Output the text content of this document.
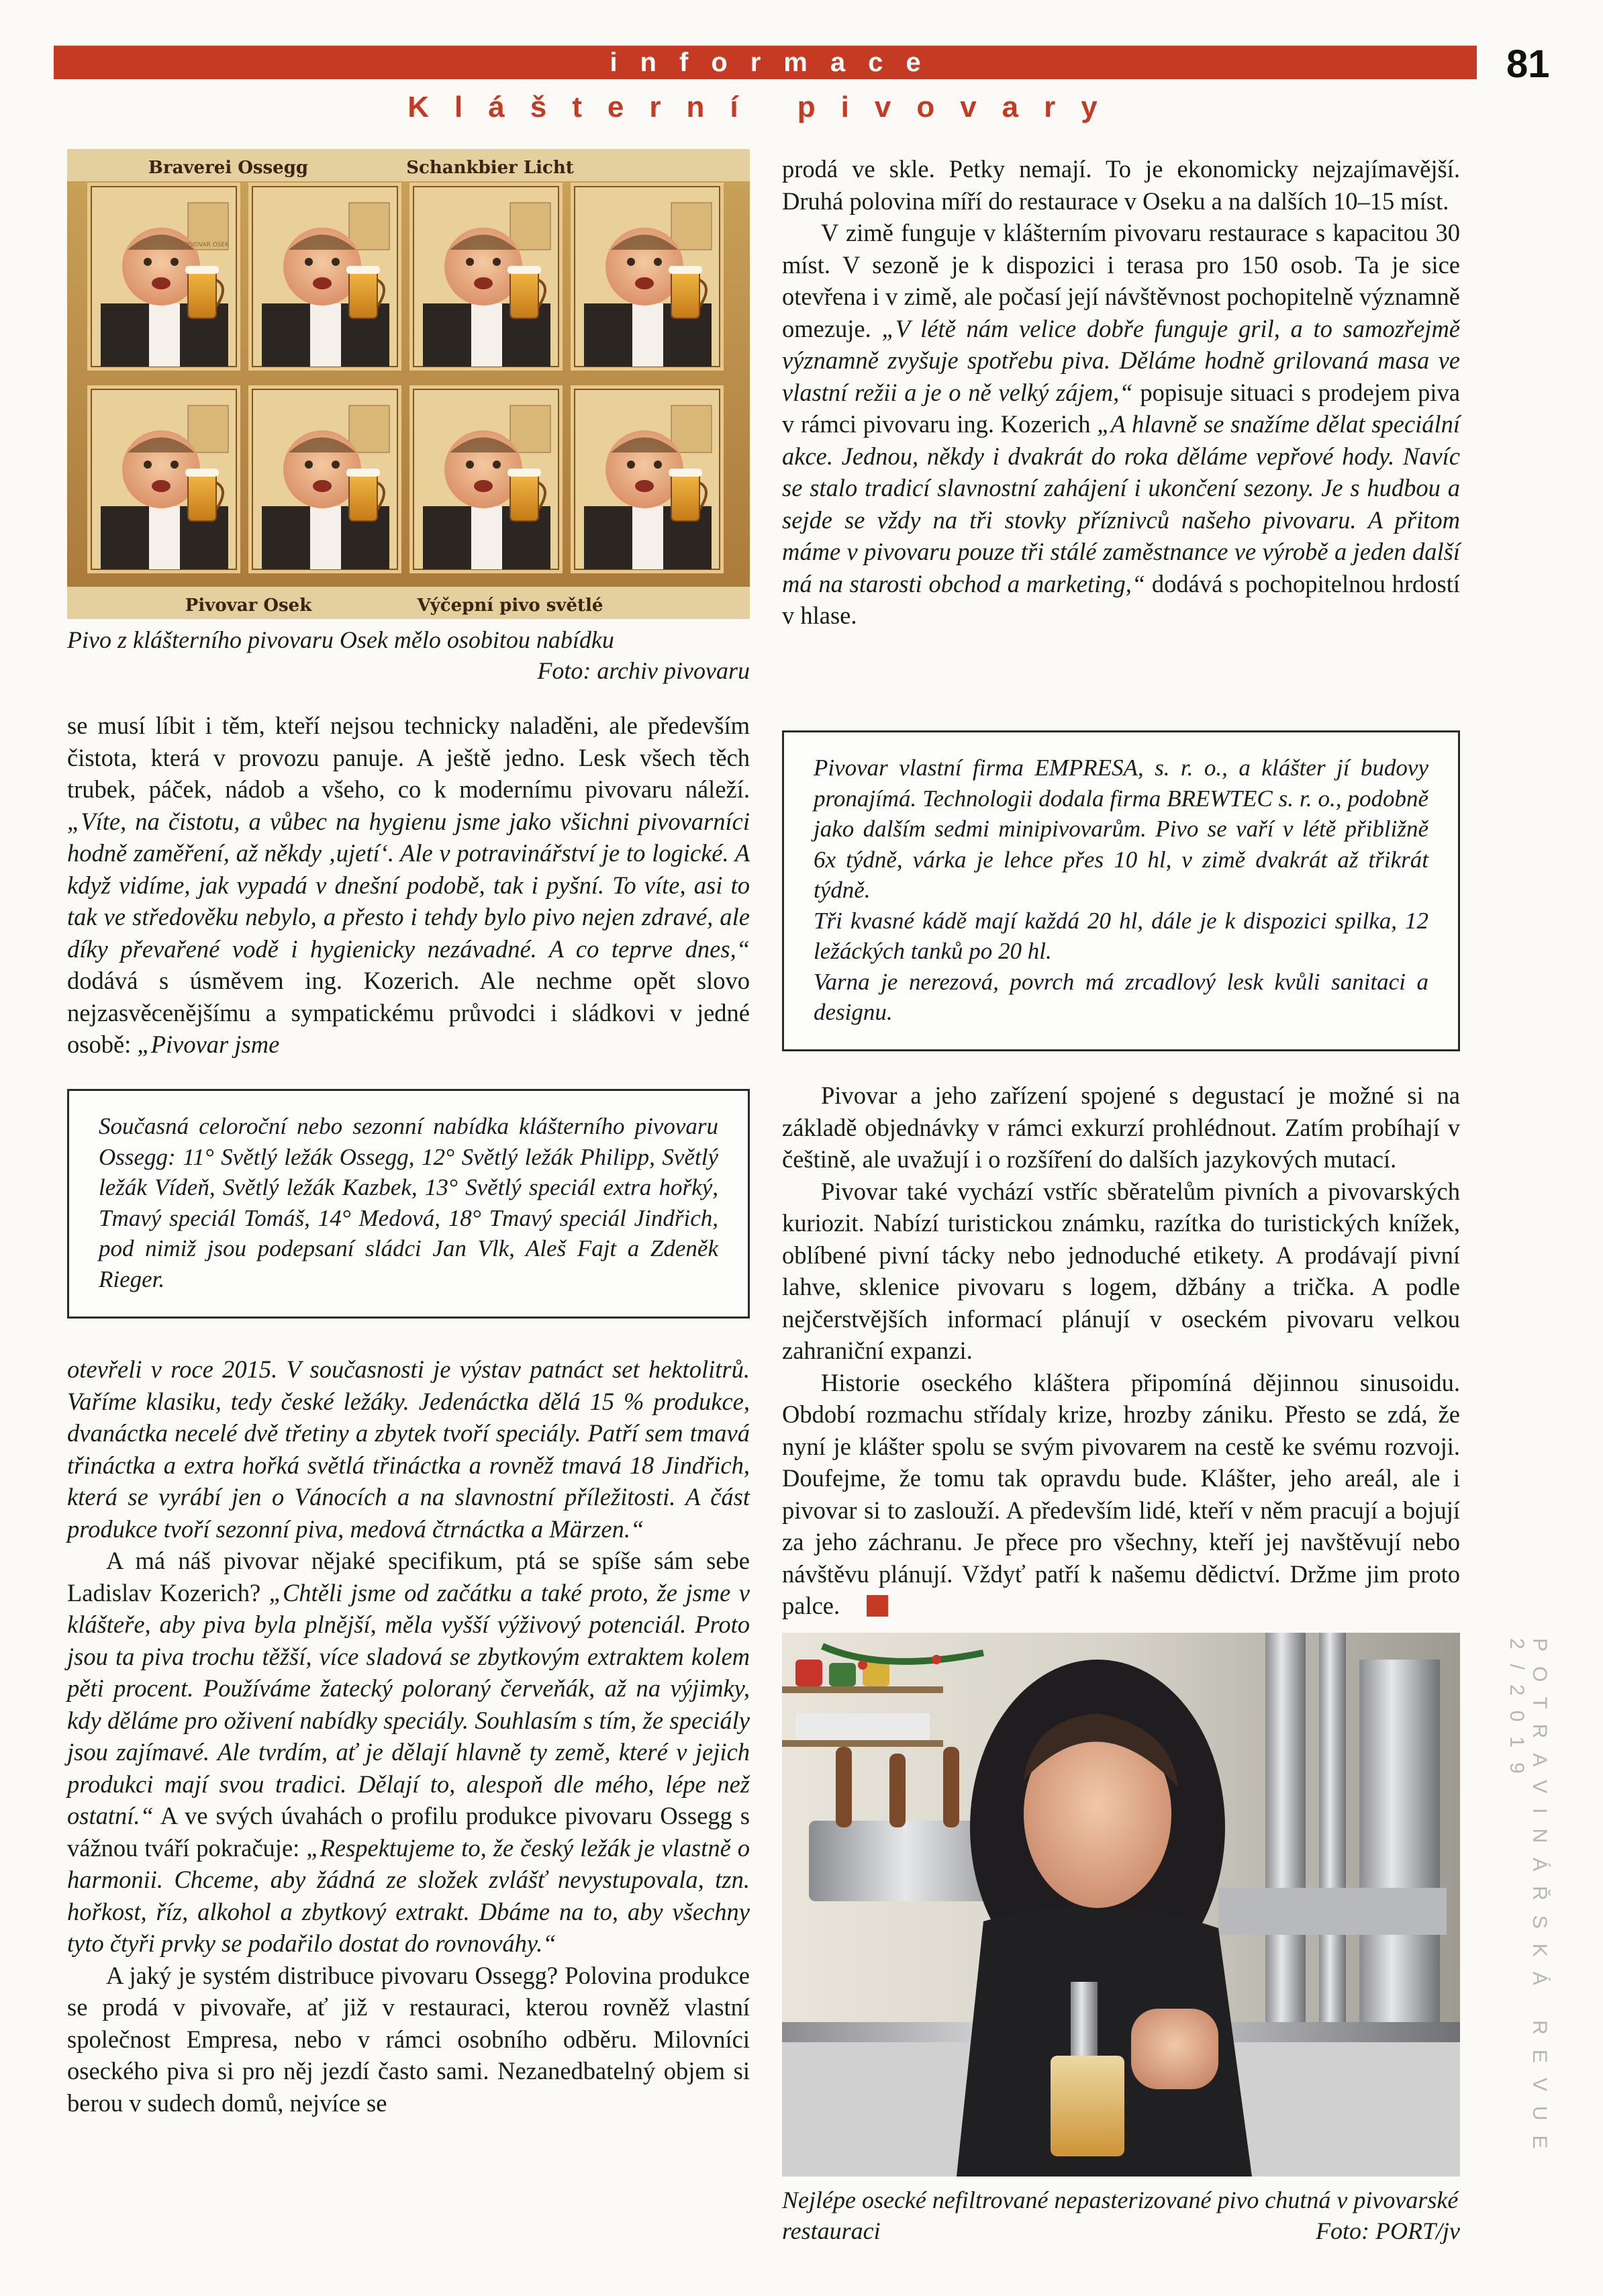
informace	81
Klášterní pivovary
POTRAVINÁŘSKÁ REVUE 2/2019
Braverei Ossegg	Schankbier Licht
Pivovar Osek	Výčepní pivo světlé
PIVOVAR OSEK
Pivo z klášterního pivovaru Osek mělo osobitou nabídku
Foto: archiv pivovaru

se musí líbit i těm, kteří nejsou technicky naladěni, ale především čistota, která v provozu panuje. A ještě jedno. Lesk všech těch trubek, páček, nádob a všeho, co k modernímu pivovaru náleží. „Víte, na čistotu, a vůbec na hygienu jsme jako všichni pivovarníci hodně zaměření, až někdy ‚ujetí‘. Ale v potravinářství je to logické. A když vidíme, jak vypadá v dnešní podobě, tak i pyšní. To víte, asi to tak ve středověku nebylo, a přesto i tehdy bylo pivo nejen zdravé, ale díky převařené vodě i hygienicky nezávadné. A co teprve dnes,“ dodává s úsměvem ing. Kozerich. Ale nechme opět slovo nejzasvěcenějšímu a sympatickému průvodci i sládkovi v jedné osobě: „Pivovar jsme

Současná celoroční nebo sezonní nabídka klášterního pivovaru Ossegg: 11° Světlý ležák Ossegg, 12° Světlý ležák Philipp, Světlý ležák Vídeň, Světlý ležák Kazbek, 13° Světlý speciál extra hořký, Tmavý speciál Tomáš, 14° Medová, 18° Tmavý speciál Jindřich, pod nimiž jsou podepsaní sládci Jan Vlk, Aleš Fajt a Zdeněk Rieger.

otevřeli v roce 2015. V současnosti je výstav patnáct set hektolitrů. Vaříme klasiku, tedy české ležáky. Jedenáctka dělá 15 % produkce, dvanáctka necelé dvě třetiny a zbytek tvoří speciály. Patří sem tmavá třináctka a extra hořká světlá třináctka a rovněž tmavá 18 Jindřich, která se vyrábí jen o Vánocích a na slavnostní příležitosti. A část produkce tvoří sezonní piva, medová čtrnáctka a Märzen.“

A má náš pivovar nějaké specifikum, ptá se spíše sám sebe Ladislav Kozerich? „Chtěli jsme od začátku a také proto, že jsme v klášteře, aby piva byla plnější, měla vyšší výživový potenciál. Proto jsou ta piva trochu těžší, více sladová se zbytkovým extraktem kolem pěti procent. Používáme žatecký poloraný červeňák, až na výjimky, kdy děláme pro oživení nabídky speciály. Souhlasím s tím, že speciály jsou zajímavé. Ale tvrdím, ať je dělají hlavně ty země, které v jejich produkci mají svou tradici. Dělají to, alespoň dle mého, lépe než ostatní.“ A ve svých úvahách o profilu produkce pivovaru Ossegg s vážnou tváří pokračuje: „Respektujeme to, že český ležák je vlastně o harmonii. Chceme, aby žádná ze složek zvlášť nevystupovala, tzn. hořkost, říz, alkohol a zbytkový extrakt. Dbáme na to, aby všechny tyto čtyři prvky se podařilo dostat do rovnováhy.“

A jaký je systém distribuce pivovaru Ossegg? Polovina produkce se prodá v pivovaře, ať již v restauraci, kterou rovněž vlastní společnost Empresa, nebo v rámci osobního odběru. Milovníci oseckého piva si pro něj jezdí často sami. Nezanedbatelný objem si berou v sudech domů, nejvíce se

prodá ve skle. Petky nemají. To je ekonomicky nejzajímavější. Druhá polovina míří do restaurace v Oseku a na dalších 10–15 míst.

V zimě funguje v klášterním pivovaru restaurace s kapacitou 30 míst. V sezoně je k dispozici i terasa pro 150 osob. Ta je sice otevřena i v zimě, ale počasí její návštěvnost pochopitelně významně omezuje. „V létě nám velice dobře funguje gril, a to samozřejmě významně zvyšuje spotřebu piva. Děláme hodně grilovaná masa ve vlastní režii a je o ně velký zájem,“ popisuje situaci s prodejem piva v rámci pivovaru ing. Kozerich „A hlavně se snažíme dělat speciální akce. Jednou, někdy i dvakrát do roka děláme vepřové hody. Navíc se stalo tradicí slavnostní zahájení i ukončení sezony. Je s hudbou a sejde se vždy na tři stovky příznivců našeho pivovaru. A přitom máme v pivovaru pouze tři stálé zaměstnance ve výrobě a jeden další má na starosti obchod a marketing,“ dodává s pochopitelnou hrdostí v hlase.

Pivovar vlastní firma EMPRESA, s. r. o., a klášter jí budovy pronajímá. Technologii dodala firma BREWTEC s. r. o., podobně jako dalším sedmi minipivovarům. Pivo se vaří v létě přibližně 6x týdně, várka je lehce přes 10 hl, v zimě dvakrát až třikrát týdně.
Tři kvasné kádě mají každá 20 hl, dále je k dispozici spilka, 12 ležáckých tanků po 20 hl.
Varna je nerezová, povrch má zrcadlový lesk kvůli sanitaci a designu.

Pivovar a jeho zařízení spojené s degustací je možné si na základě objednávky v rámci exkurzí prohlédnout. Zatím probíhají v češtině, ale uvažují i o rozšíření do dalších jazykových mutací.

Pivovar také vychází vstříc sběratelům pivních a pivovarských kuriozit. Nabízí turistickou známku, razítka do turistických knížek, oblíbené pivní tácky nebo jednoduché etikety. A prodávají pivní lahve, sklenice pivovaru s logem, džbány a trička. A podle nejčerstvějších informací plánují v oseckém pivovaru velkou zahraniční expanzi.

Historie oseckého kláštera připomíná dějinnou sinusoidu. Období rozmachu střídaly krize, hrozby zániku. Přesto se zdá, že nyní je klášter spolu se svým pivovarem na cestě ke svému rozvoji. Doufejme, že tomu tak opravdu bude. Klášter, jeho areál, ale i pivovar si to zaslouží. A především lidé, kteří v něm pracují a bojují za jeho záchranu. Je přece pro všechny, kteří jej navštěvují nebo návštěvu plánují. Vždyť patří k našemu dědictví. Držme jim proto palce.

Nejlépe osecké nefiltrované nepasterizované pivo chutná v pivovarské restauraci	Foto: PORT/jv
